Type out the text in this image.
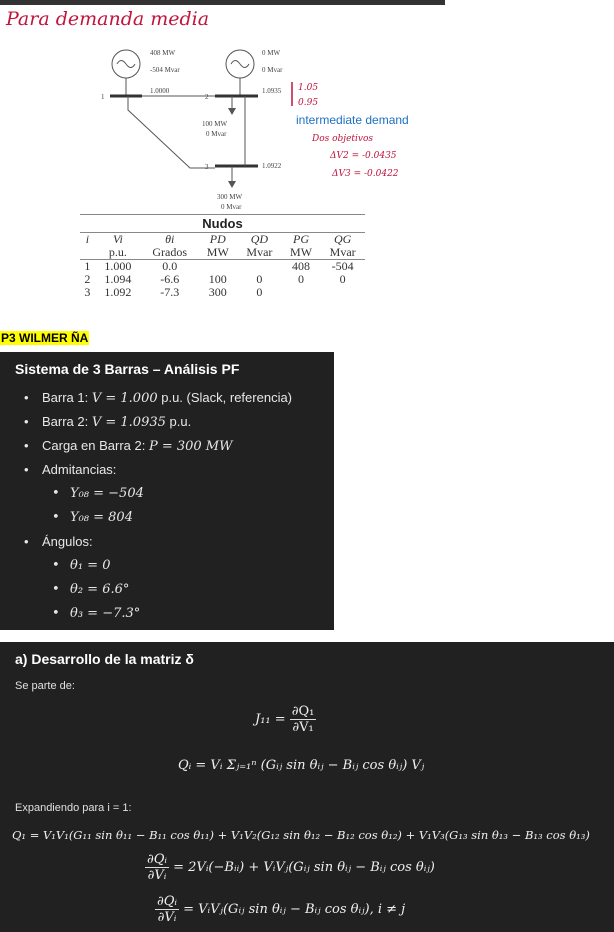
Para demanda media
408 MW
-504 Mvar
0 MW
0 Mvar
1
1.0000
2
1.0935
3	1.0922
100 MW
0 Mvar
300 MW
0 Mvar
1.05
0.95
intermediate demand
Dos objetivos
ΔV2 = -0.0435
ΔV3 = -0.0422
Nudos
i	Vi	θi	PD	QD	PG	QG
	p.u.	Grados	MW	Mvar	MW	Mvar
1	1.000	0.0			408	-504
2	1.094	-6.6	100	0	0	0
3	1.092	-7.3	300	0		
P3 WILMER ÑA
Sistema de 3 Barras – Análisis PF
• Barra 1: V = 1.000 p.u. (Slack, referencia)
• Barra 2: V = 1.0935 p.u.
• Carga en Barra 2: P = 300 MW
• Admitancias:
• Y₀₈ = −504
• Y₀₈ = 804
• Ángulos:
• θ₁ = 0
• θ₂ = 6.6°
• θ₃ = −7.3°
a) Desarrollo de la matriz δ
Se parte de:
$J_{11} = \frac{\text{∂Q₁}}{\text{∂V₁}}$
Qᵢ = Vᵢ Σⱼ₌₁ⁿ (Gᵢⱼ sin θᵢⱼ − Bᵢⱼ cos θᵢⱼ) Vⱼ
Expandiendo para i = 1:
Q₁ = V₁V₁(G₁₁ sin θ₁₁ − B₁₁ cos θ₁₁) + V₁V₂(G₁₂ sin θ₁₂ − B₁₂ cos θ₁₂) + V₁V₃(G₁₃ sin θ₁₃ − B₁₃ cos θ₁₃)
$\frac{\text{∂Qᵢ}}{\text{∂Vᵢ}}$ = 2Vᵢ(−Bᵢᵢ) + VᵢVⱼ(Gᵢⱼ sin θᵢⱼ − Bᵢⱼ cos θᵢⱼ)
$\frac{\text{∂Qᵢ}}{\text{∂Vᵢ}}$ = VᵢVⱼ(Gᵢⱼ sin θᵢⱼ − Bᵢⱼ cos θᵢⱼ), i ≠ j
